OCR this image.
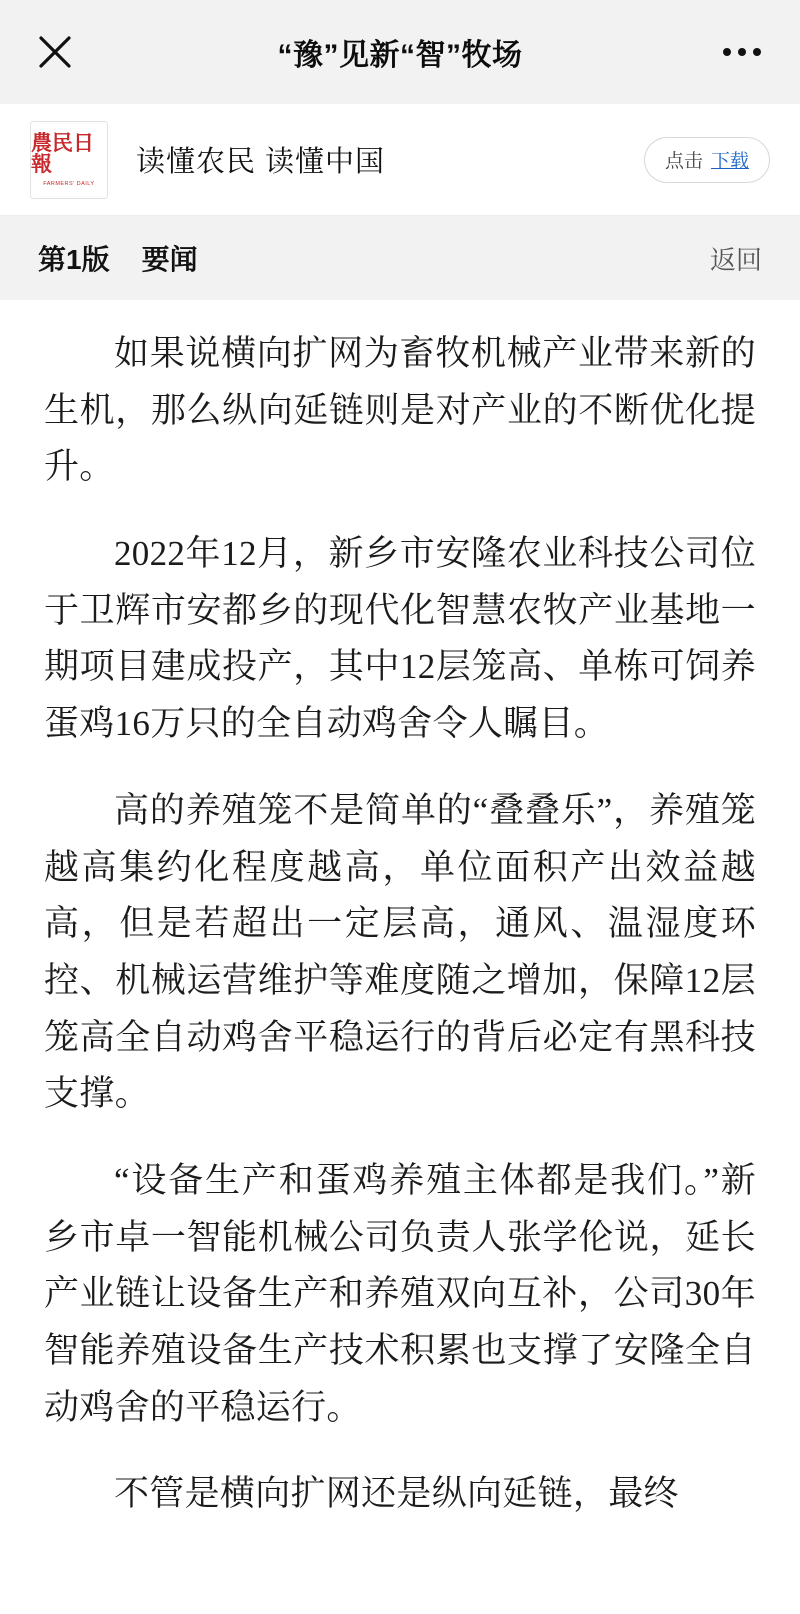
“豫”见新“智”牧场
農民日報
FARMERS' DAILY
读懂农民 读懂中国	点击 下载
第1版 要闻	返回

如果说横向扩网为畜牧机械产业带来新的生机，那么纵向延链则是对产业的不断优化提升。

2022年12月，新乡市安隆农业科技公司位于卫辉市安都乡的现代化智慧农牧产业基地一期项目建成投产，其中12层笼高、单栋可饲养蛋鸡16万只的全自动鸡舍令人瞩目。

高的养殖笼不是简单的“叠叠乐”，养殖笼越高集约化程度越高，单位面积产出效益越高，但是若超出一定层高，通风、温湿度环控、机械运营维护等难度随之增加，保障12层笼高全自动鸡舍平稳运行的背后必定有黑科技支撑。

“设备生产和蛋鸡养殖主体都是我们。”新乡市卓一智能机械公司负责人张学伦说，延长产业链让设备生产和养殖双向互补，公司30年智能养殖设备生产技术积累也支撑了安隆全自动鸡舍的平稳运行。

不管是横向扩网还是纵向延链，最终
